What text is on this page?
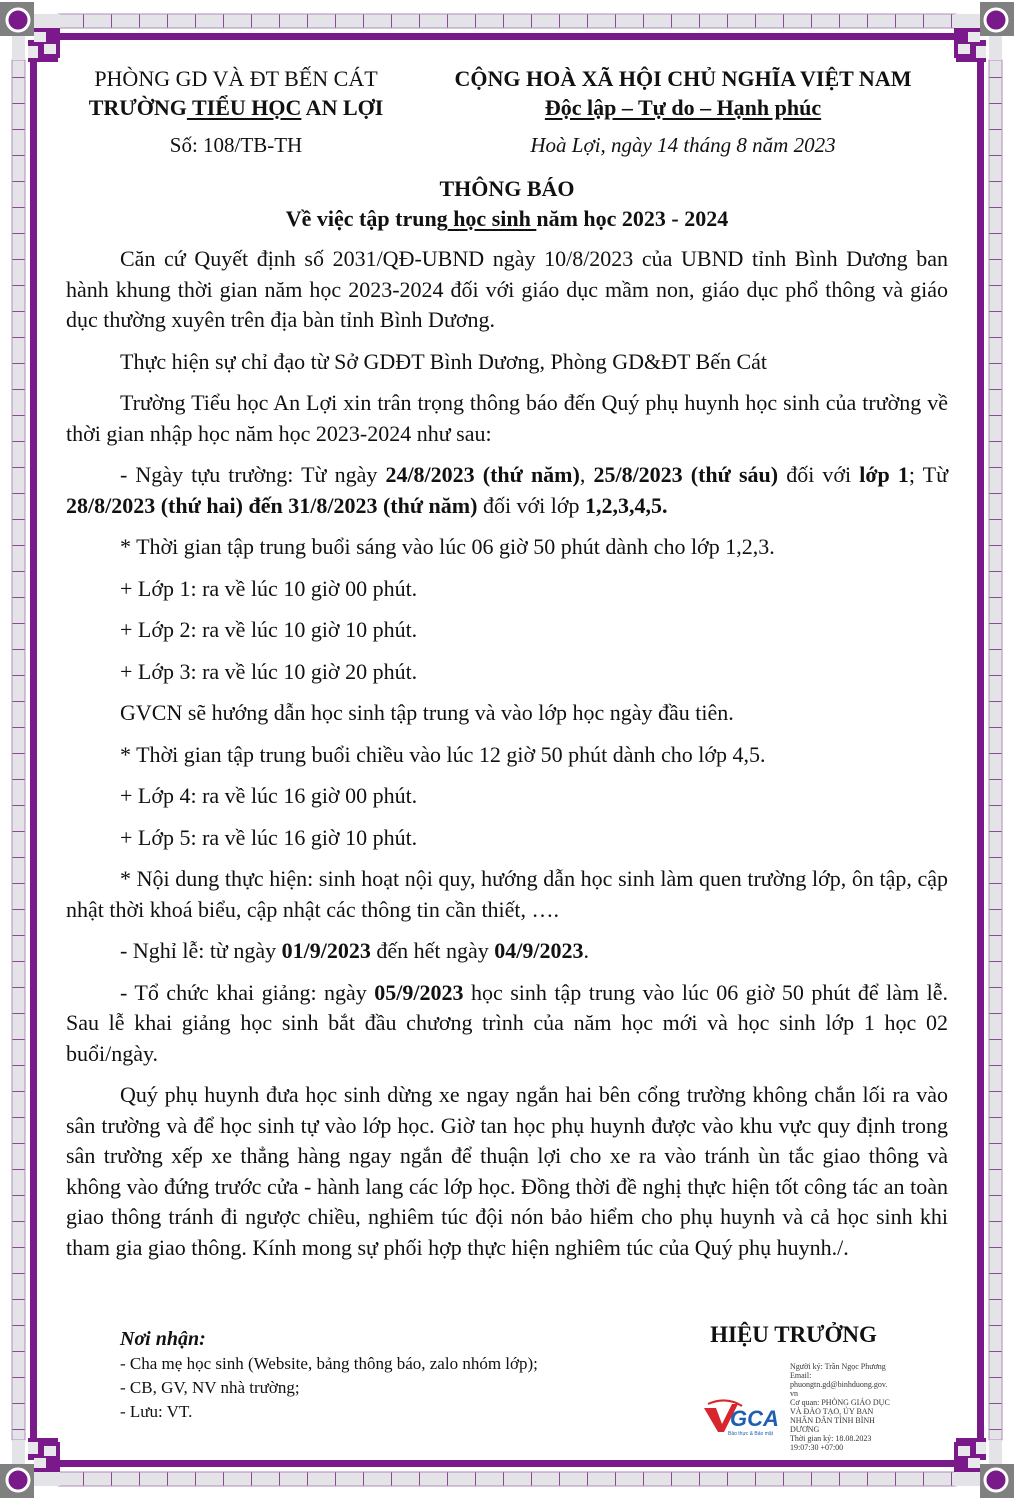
PHÒNG GD VÀ ĐT BẾN CÁT
TRƯỜNG TIỂU HỌC AN LỢI
Số: 108/TB-TH
CỘNG HOÀ XÃ HỘI CHỦ NGHĨA VIỆT NAM
Độc lập – Tự do – Hạnh phúc
Hoà Lợi, ngày 14 tháng 8 năm 2023
THÔNG BÁO
Về việc tập trung học sinh năm học 2023 - 2024

Căn cứ Quyết định số 2031/QĐ-UBND ngày 10/8/2023 của UBND tỉnh Bình Dương ban hành khung thời gian năm học 2023-2024 đối với giáo dục mầm non, giáo dục phổ thông và giáo dục thường xuyên trên địa bàn tỉnh Bình Dương.

Thực hiện sự chỉ đạo từ Sở GDĐT Bình Dương, Phòng GD&ĐT Bến Cát

Trường Tiểu học An Lợi xin trân trọng thông báo đến Quý phụ huynh học sinh của trường về thời gian nhập học năm học 2023-2024 như sau:

- Ngày tựu trường: Từ ngày 24/8/2023 (thứ năm), 25/8/2023 (thứ sáu) đối với lớp 1; Từ 28/8/2023 (thứ hai) đến 31/8/2023 (thứ năm) đối với lớp 1,2,3,4,5.

* Thời gian tập trung buổi sáng vào lúc 06 giờ 50 phút dành cho lớp 1,2,3.

+ Lớp 1: ra về lúc 10 giờ 00 phút.

+ Lớp 2: ra về lúc 10 giờ 10 phút.

+ Lớp 3: ra về lúc 10 giờ 20 phút.

GVCN sẽ hướng dẫn học sinh tập trung và vào lớp học ngày đầu tiên.

* Thời gian tập trung buổi chiều vào lúc 12 giờ 50 phút dành cho lớp 4,5.

+ Lớp 4: ra về lúc 16 giờ 00 phút.

+ Lớp 5: ra về lúc 16 giờ 10 phút.

* Nội dung thực hiện: sinh hoạt nội quy, hướng dẫn học sinh làm quen trường lớp, ôn tập, cập nhật thời khoá biểu, cập nhật các thông tin cần thiết, ….

- Nghỉ lễ: từ ngày 01/9/2023 đến hết ngày 04/9/2023.

- Tổ chức khai giảng: ngày 05/9/2023 học sinh tập trung vào lúc 06 giờ 50 phút để làm lễ. Sau lễ khai giảng học sinh bắt đầu chương trình của năm học mới và học sinh lớp 1 học 02 buổi/ngày.

Quý phụ huynh đưa học sinh dừng xe ngay ngắn hai bên cổng trường không chắn lối ra vào sân trường và để học sinh tự vào lớp học. Giờ tan học phụ huynh được vào khu vực quy định trong sân trường xếp xe thẳng hàng ngay ngắn để thuận lợi cho xe ra vào tránh ùn tắc giao thông và không vào đứng trước cửa - hành lang các lớp học. Đồng thời đề nghị thực hiện tốt công tác an toàn giao thông tránh đi ngược chiều, nghiêm túc đội nón bảo hiểm cho phụ huynh và cả học sinh khi tham gia giao thông. Kính mong sự phối hợp thực hiện nghiêm túc của Quý phụ huynh./.

Nơi nhận:
- Cha mẹ học sinh (Website, bảng thông báo, zalo nhóm lớp);
- CB, GV, NV nhà trường;
- Lưu: VT.
HIỆU TRƯỞNG
GCA
Bảo thực & Bảo mật
Người ký: Trần Ngọc Phương
Email:
phuongtn.gd@binhduong.gov.vn
Cơ quan: PHÒNG GIÁO DỤC VÀ ĐÀO TẠO, ỦY BAN NHÂN DÂN TỈNH BÌNH DƯƠNG
Thời gian ký: 18.08.2023 19:07:30 +07:00
